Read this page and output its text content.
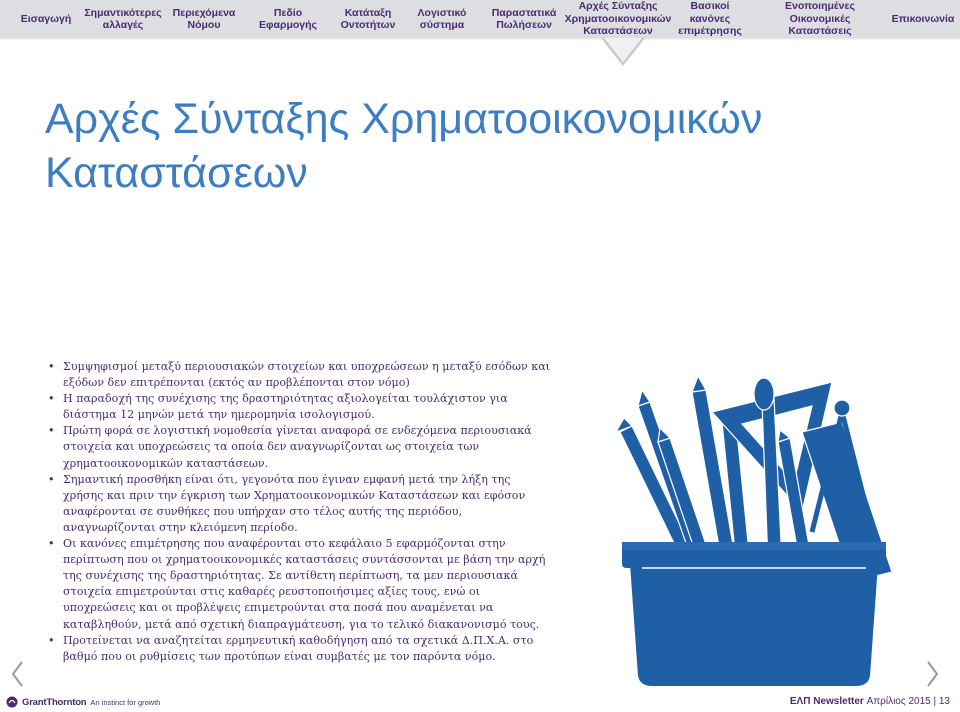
Εισαγωγή
Σημαντικότερες
αλλαγές
Περιεχόμενα
Νόμου
Πεδίο Εφαρμογής
Κατάταξη
Οντοτήτων
Λογιστικό
σύστημα
Παραστατικά
Πωλήσεων
Αρχές Σύνταξης
Χρηματοοικονομικών
Καταστάσεων
Βασικοί κανόνες
επιμέτρησης
Ενοποιημένες Οικονομικές
Καταστάσεις
Επικοινωνία
Αρχές Σύνταξης Χρηματοοικονομικών Καταστάσεων
• Συμψηφισμοί μεταξύ περιουσιακών στοιχείων και υποχρεώσεων η μεταξύ εσόδων και εξόδων δεν επιτρέπονται (εκτός αν προβλέπονται στον νόμο)
• Η παραδοχή της συνέχισης της δραστηριότητας αξιολογείται τουλάχιστον για διάστημα 12 μηνών μετά την ημερομηνία ισολογισμού.
• Πρώτη φορά σε λογιστική νομοθεσία γίνεται αναφορά σε ενδεχόμενα περιουσιακά στοιχεία και υποχρεώσεις τα οποία δεν αναγνωρίζονται ως στοιχεία των χρηματοοικονομικών καταστάσεων.
• Σημαντική προσθήκη είναι ότι, γεγονότα που έγιναν εμφανή μετά την λήξη της χρήσης και πριν την έγκριση των Χρηματοοικονομικών Καταστάσεων και εφόσον αναφέρονται σε συνθήκες που υπήρχαν στο τέλος αυτής της περιόδου, αναγνωρίζονται στην κλειόμενη περίοδο.
• Οι κανόνες επιμέτρησης που αναφέρονται στο κεφάλαιο 5 εφαρμόζονται στην περίπτωση που οι χρηματοοικονομικές καταστάσεις συντάσσονται με βάση την αρχή της συνέχισης της δραστηριότητας. Σε αντίθετη περίπτωση, τα μεν περιουσιακά στοιχεία επιμετρούνται στις καθαρές ρευστοποιήσιμες αξίες τους, ενώ οι υποχρεώσεις και οι προβλέψεις επιμετρούνται στα ποσά που αναμένεται να καταβληθούν, μετά από σχετική διαπραγμάτευση, για το τελικό διακανονισμό τους.
• Προτείνεται να αναζητείται ερμηνευτική καθοδήγηση από τα σχετικά Δ.Π.Χ.Α. στο βαθμό που οι ρυθμίσεις των προτύπων είναι συμβατές με τον παρόντα νόμο.
GrantThornton An instinct for growth	ΕΛΠ Newsletter Απρίλιος 2015 | 13
